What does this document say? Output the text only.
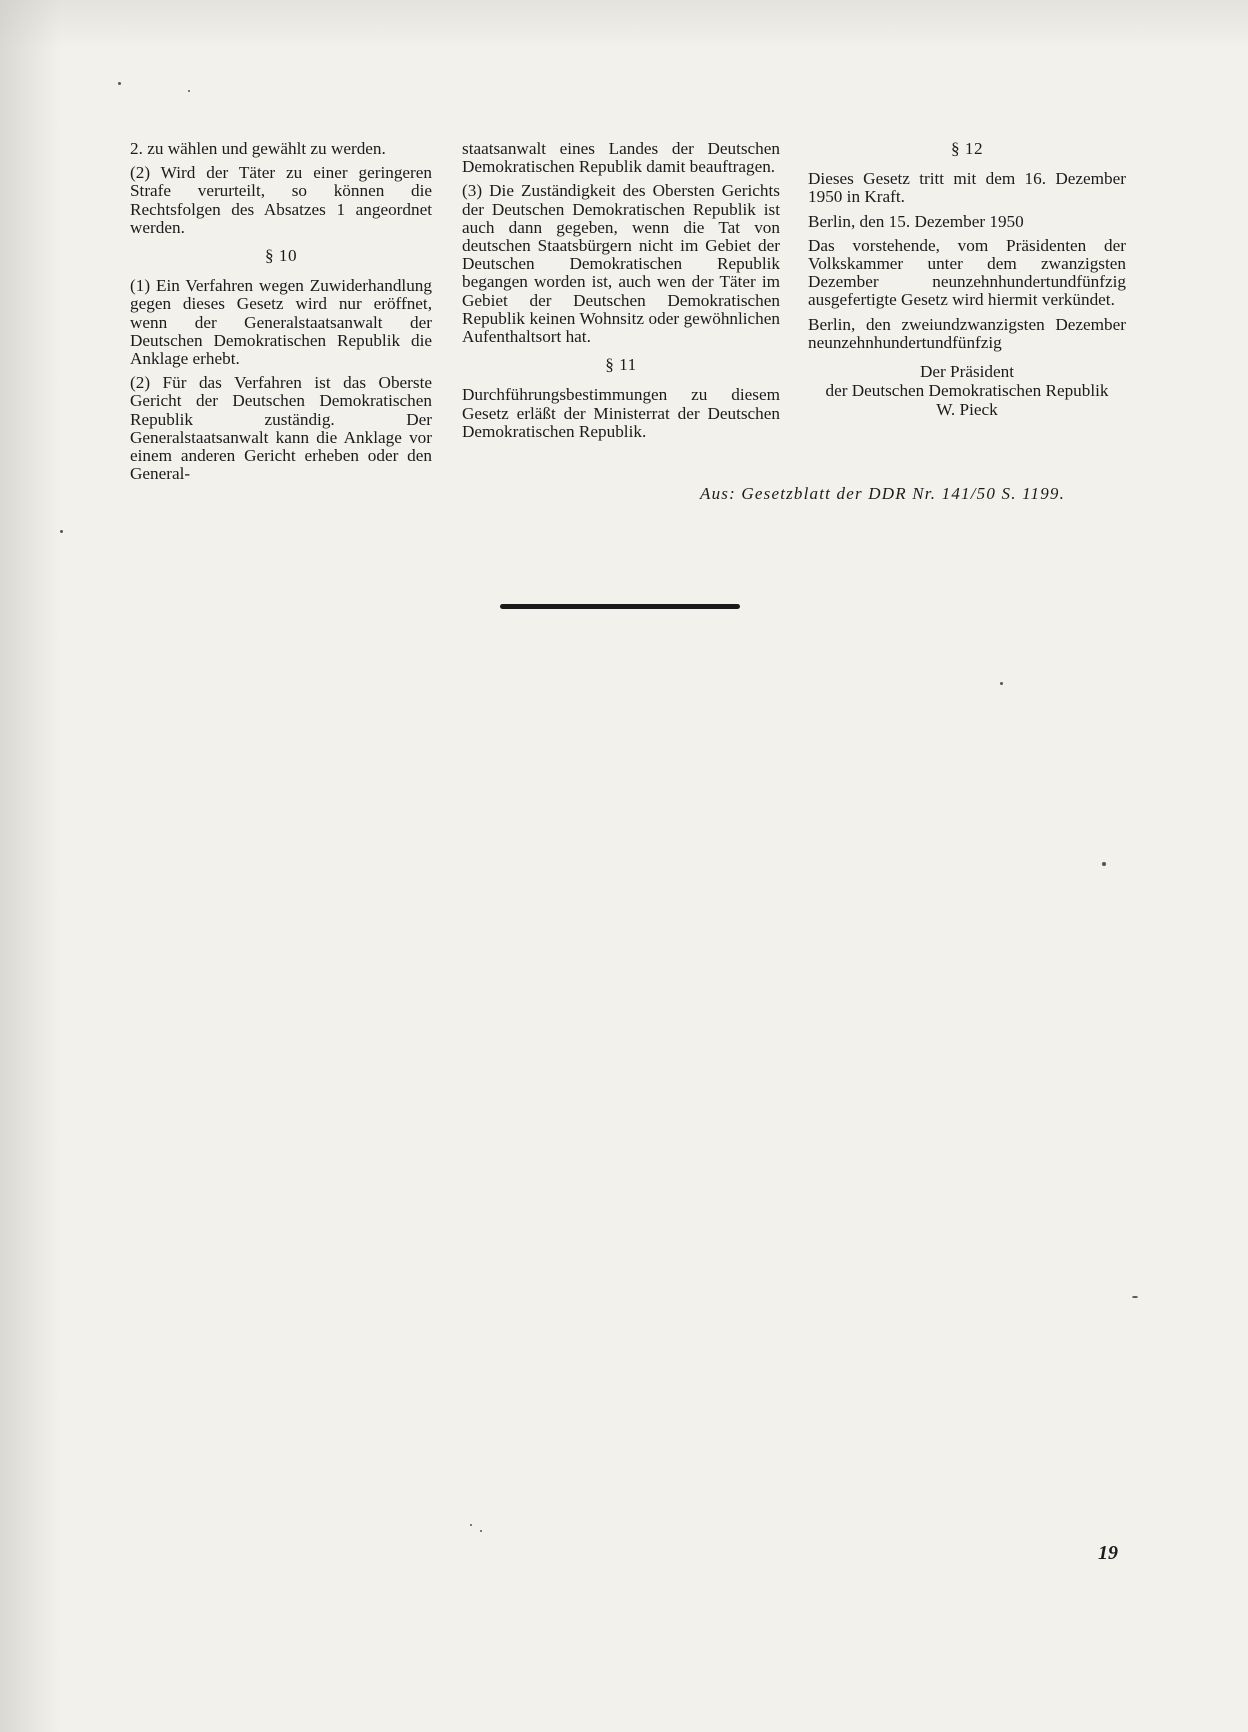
2. zu wählen und gewählt zu werden.

(2) Wird der Täter zu einer geringeren Strafe verurteilt, so können die Rechtsfolgen des Absatzes 1 angeordnet werden.

§ 10

(1) Ein Verfahren wegen Zuwiderhandlung gegen dieses Gesetz wird nur eröffnet, wenn der Generalstaatsanwalt der Deutschen Demokratischen Republik die Anklage erhebt.

(2) Für das Verfahren ist das Oberste Gericht der Deutschen Demokratischen Republik zuständig. Der Generalstaatsanwalt kann die Anklage vor einem anderen Gericht erheben oder den General-

staatsanwalt eines Landes der Deutschen Demokratischen Republik damit beauftragen.

(3) Die Zuständigkeit des Obersten Gerichts der Deutschen Demokratischen Republik ist auch dann gegeben, wenn die Tat von deutschen Staatsbürgern nicht im Gebiet der Deutschen Demokratischen Republik begangen worden ist, auch wen der Täter im Gebiet der Deutschen Demokratischen Republik keinen Wohnsitz oder gewöhnlichen Aufenthaltsort hat.

§ 11

Durchführungsbestimmungen zu diesem Gesetz erläßt der Ministerrat der Deutschen Demokratischen Republik.

§ 12

Dieses Gesetz tritt mit dem 16. Dezember 1950 in Kraft.

Berlin, den 15. Dezember 1950

Das vorstehende, vom Präsidenten der Volkskammer unter dem zwanzigsten Dezember neunzehnhundertundfünfzig ausgefertigte Gesetz wird hiermit verkündet.

Berlin, den zweiundzwanzigsten Dezember neunzehnhundertundfünfzig

Der Präsident
der Deutschen Demokratischen Republik
W. Pieck
Aus: Gesetzblatt der DDR Nr. 141/50 S. 1199.
19
